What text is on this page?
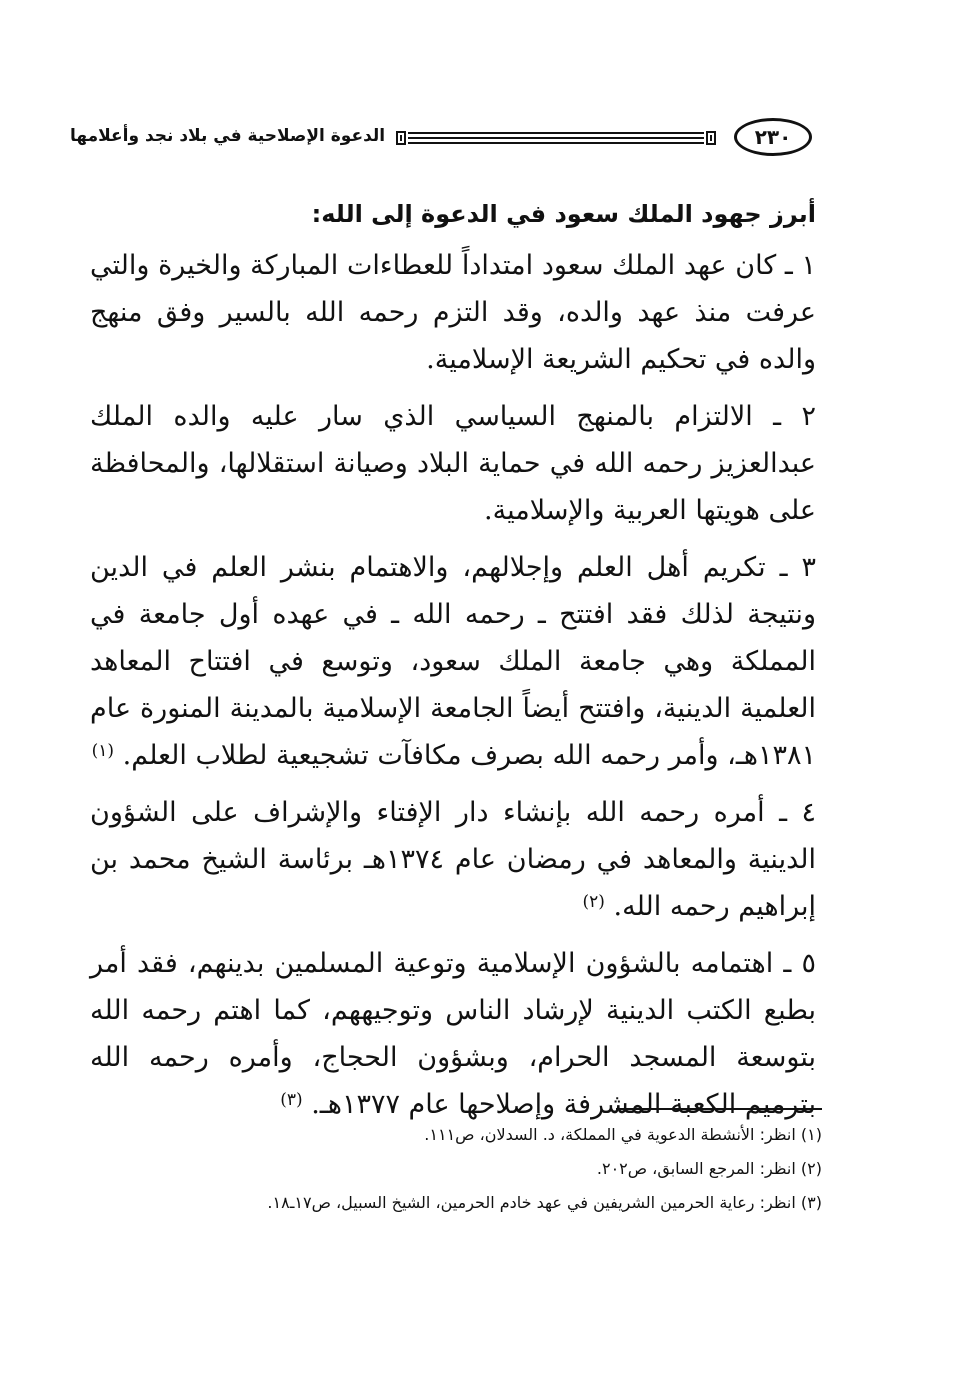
الدعوة الإصلاحية في بلاد نجد وأعلامها	٢٣٠
أبرز جهود الملك سعود في الدعوة إلى الله:

١ ـ كان عهد الملك سعود امتداداً للعطاءات المباركة والخيرة والتي عرفت منذ عهد والده، وقد التزم رحمه الله بالسير وفق منهج والده في تحكيم الشريعة الإسلامية.

٢ ـ الالتزام بالمنهج السياسي الذي سار عليه والده الملك عبدالعزيز رحمه الله في حماية البلاد وصيانة استقلالها، والمحافظة على هويتها العربية والإسلامية.

٣ ـ تكريم أهل العلم وإجلالهم، والاهتمام بنشر العلم في الدين ونتيجة لذلك فقد افتتح ـ رحمه الله ـ في عهده أول جامعة في المملكة وهي جامعة الملك سعود، وتوسع في افتتاح المعاهد العلمية الدينية، وافتتح أيضاً الجامعة الإسلامية بالمدينة المنورة عام ١٣٨١هـ، وأمر رحمه الله بصرف مكافآت تشجيعية لطلاب العلم. $^{(١)}$

٤ ـ أمره رحمه الله بإنشاء دار الإفتاء والإشراف على الشؤون الدينية والمعاهد في رمضان عام ١٣٧٤هـ برئاسة الشيخ محمد بن إبراهيم رحمه الله. $^{(٢)}$

٥ ـ اهتمامه بالشؤون الإسلامية وتوعية المسلمين بدينهم، فقد أمر بطبع الكتب الدينية لإرشاد الناس وتوجيههم، كما اهتم رحمه الله بتوسعة المسجد الحرام، وبشؤون الحجاج، وأمره رحمه الله بترميم الكعبة المشرفة وإصلاحها عام ١٣٧٧هـ. $^{(٣)}$

(١) انظر: الأنشطة الدعوية في المملكة، د. السدلان، ص١١١.
(٢) انظر: المرجع السابق، ص٢٠٢.
(٣) انظر: رعاية الحرمين الشريفين في عهد خادم الحرمين، الشيخ السبيل، ص١٧ـ١٨.
